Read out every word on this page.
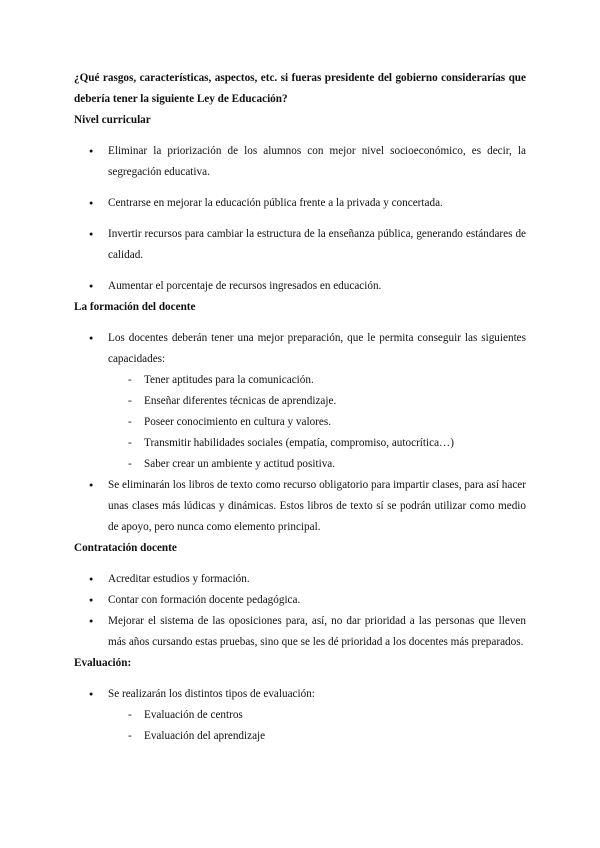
¿Qué rasgos, características, aspectos, etc. si fueras presidente del gobierno considerarías que debería tener la siguiente Ley de Educación?

Nivel curricular

● Eliminar la priorización de los alumnos con mejor nivel socioeconómico, es decir, la segregación educativa.
● Centrarse en mejorar la educación pública frente a la privada y concertada.
● Invertir recursos para cambiar la estructura de la enseñanza pública, generando estándares de calidad.
● Aumentar el porcentaje de recursos ingresados en educación.

La formación del docente

● Los docentes deberán tener una mejor preparación, que le permita conseguir las siguientes capacidades:
- Tener aptitudes para la comunicación.
- Enseñar diferentes técnicas de aprendizaje.
- Poseer conocimiento en cultura y valores.
- Transmitir habilidades sociales (empatía, compromiso, autocrítica…)
- Saber crear un ambiente y actitud positiva.
● Se eliminarán los libros de texto como recurso obligatorio para impartir clases, para así hacer unas clases más lúdicas y dinámicas. Estos libros de texto sí se podrán utilizar como medio de apoyo, pero nunca como elemento principal.

Contratación docente

● Acreditar estudios y formación.
● Contar con formación docente pedagógica.
● Mejorar el sistema de las oposiciones para, así, no dar prioridad a las personas que lleven más años cursando estas pruebas, sino que se les dé prioridad a los docentes más preparados.

Evaluación:

● Se realizarán los distintos tipos de evaluación:
- Evaluación de centros
- Evaluación del aprendizaje
